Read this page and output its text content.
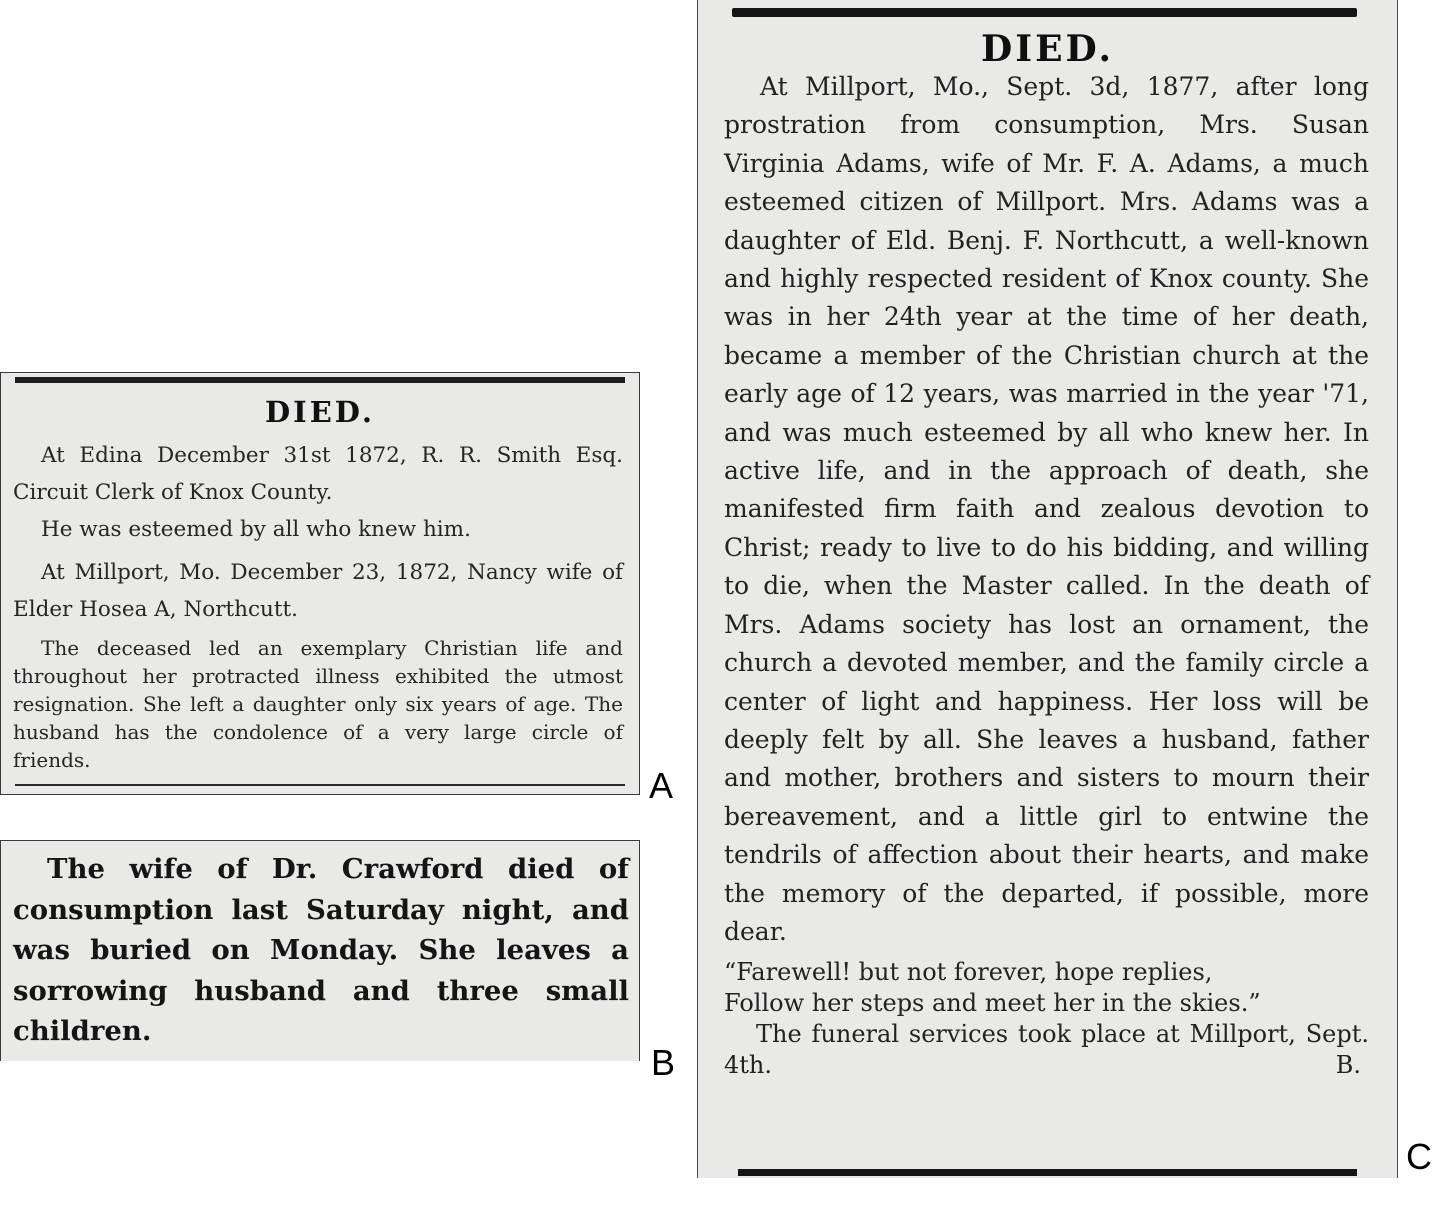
DIED.

At Edina December 31st 1872, R. R. Smith Esq. Circuit Clerk of Knox County.

He was esteemed by all who knew him.

At Millport, Mo. December 23, 1872, Nancy wife of Elder Hosea A, Northcutt.

The deceased led an exemplary Christian life and throughout her protracted illness exhibited the utmost resignation. She left a daughter only six years of age. The husband has the condolence of a very large circle of friends.

A

The wife of Dr. Crawford died of consumption last Saturday night, and was buried on Monday. She leaves a sorrowing husband and three small children.

B
DIED.

At Millport, Mo., Sept. 3d, 1877, after long prostration from consumption, Mrs. Susan Virginia Adams, wife of Mr. F. A. Adams, a much esteemed citizen of Millport. Mrs. Adams was a daughter of Eld. Benj. F. Northcutt, a well-known and highly respected resident of Knox county. She was in her 24th year at the time of her death, became a member of the Christian church at the early age of 12 years, was married in the year '71, and was much esteemed by all who knew her. In active life, and in the approach of death, she manifested firm faith and zealous devotion to Christ; ready to live to do his bidding, and willing to die, when the Master called. In the death of Mrs. Adams society has lost an ornament, the church a devoted member, and the family circle a center of light and happiness. Her loss will be deeply felt by all. She leaves a husband, father and mother, brothers and sisters to mourn their bereavement, and a little girl to entwine the tendrils of affection about their hearts, and make the memory of the departed, if possible, more dear.

“Farewell! but not forever, hope replies,

Follow her steps and meet her in the skies.”

The funeral services took place at Millport, Sept. 4th.	B.

C
